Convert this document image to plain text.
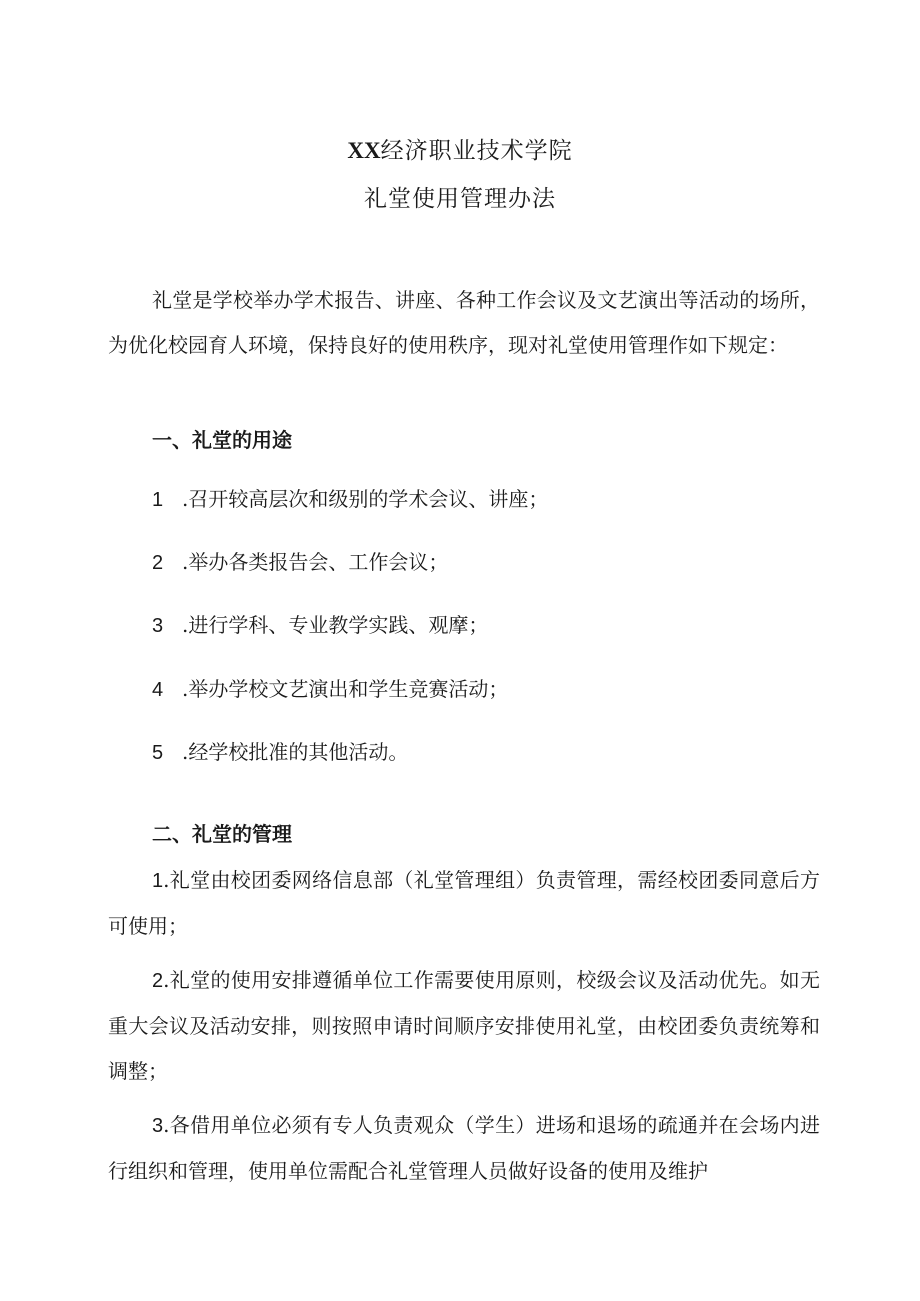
XX经济职业技术学院
礼堂使用管理办法

礼堂是学校举办学术报告、讲座、各种工作会议及文艺演出等活动的场所，为优化校园育人环境，保持良好的使用秩序，现对礼堂使用管理作如下规定：

一、礼堂的用途
1 .召开较高层次和级别的学术会议、讲座；
2 .举办各类报告会、工作会议；
3 .进行学科、专业教学实践、观摩；
4 .举办学校文艺演出和学生竞赛活动；
5 .经学校批准的其他活动。
二、礼堂的管理

1.礼堂由校团委网络信息部（礼堂管理组）负责管理，需经校团委同意后方可使用；

2.礼堂的使用安排遵循单位工作需要使用原则，校级会议及活动优先。如无重大会议及活动安排，则按照申请时间顺序安排使用礼堂，由校团委负责统筹和调整；

3.各借用单位必须有专人负责观众（学生）进场和退场的疏通并在会场内进行组织和管理，使用单位需配合礼堂管理人员做好设备的使用及维护
